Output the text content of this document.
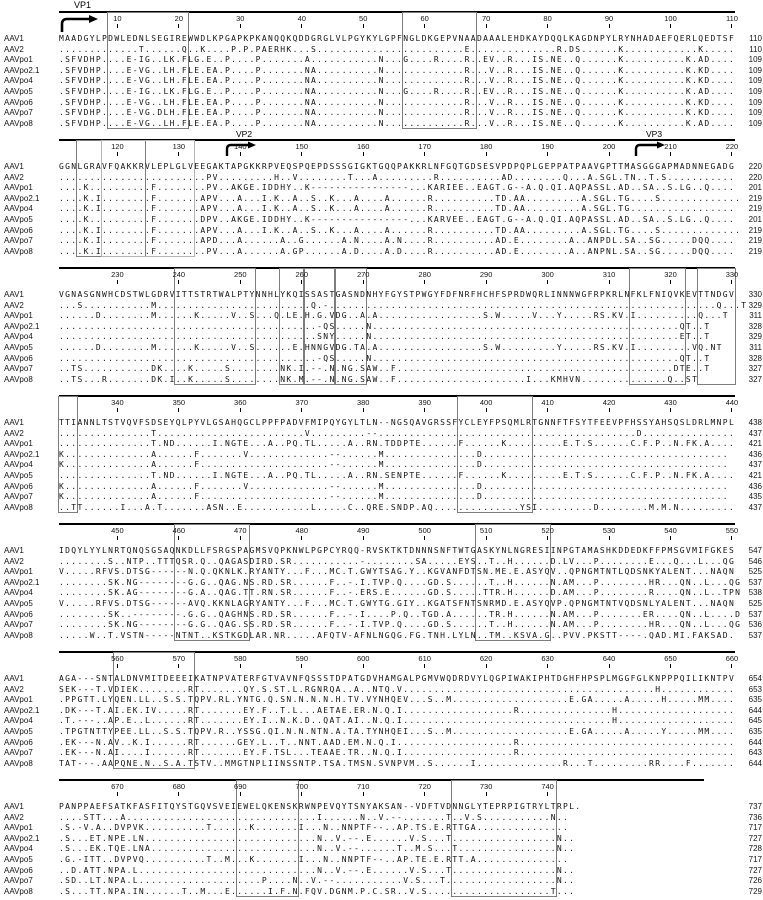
VP1
VP2	VP3
10	20	30	40	50	60	70	80	90	100	110
AAV1	MAADGYLPDWLEDNLSEGIREWWDLKPGAPKPKANQQKQDDGRGLVLPGYKYLGPFNGLDKGEPVNAADAAALEHDKAYDQQLKAGDNPYLRYNHADAEFQERLQEDTSF	110
AAV2	.............T......Q..K....P.P.PAERHK...S........................E..............R.DS......K............K.....	110
AAVpo1	.SFVDHP....E-IG..LK.FLG.E..P....P.......A...........N...G....R....R..EV..R...IS.NE..Q......K..........K.AD....	109
AAVpo2.1 .SFVDHP....E-VG..LH.FLE.EA.P....P.......NA..........N.............R...V..R...IS.NE..Q......K..........K.KD....	109
AAVpo4	.SFVDHP....E-VG..LH.FLE.EA.P....P.......NA..........N.............R...V..R...IS.NE..Q......K..........K.KD....	109
AAVpo5	.SFVDHP....E-IG..LK.FLG.E..P....P.......NA..........N...G....R....R..EV..R...IS.NE..Q......K..........K.AD....	109
AAVpo6	.SFVDHP....E-VG..LH.FLE.EA.P....P.......NA..........N.............R...V..R...IS.NE..Q......K..........K.KD....	109
AAVpo7	.SFVDHP....E-VG.DLH.FLE.EA.P....P.......NA..........N.............R...V..R...IS.NE..Q......K..........K.KD....	109
AAVpo8	.SFVDHP....E-VG..LH.FLE.EA.P....P.......NA..........N.............R...V..R...IS.NE..Q......K..........K.AD....	109
120	130	140	150	160	170	180	190	200	210	220
AAV1	GGNLGRAVFQAKKRVLEPLGLVEEGAKTAPGKKRPVEQSPQEPDSSSGIGKTGQQPAKKRLNFGQTGDSESVPDPQPLGEPPATPAAVGPTTMASGGGAPMADNNEGADG	220
AAV2	........................PV.........H..V........T...A.........R..........AD........Q...A.SGL.TN..T.S...........	220
AAVpo1	....K..........F........PV..AKGE.IDDHY..K----------------...KARIEE..EAGT.G--A.Q.QI.AQPASSL.AD..SA..S.LG..Q....	201
AAVpo2.1 ....K.I........F.......APV...A...I.K..A..S..K...A....A......R..........TD.AA.........A.SGL.TG....S............. 219
AAVpo4	....K.I........F.......APV...A...I.K..A..S..K...A....A......R..........TD.AA.........A.SGL.TG.................	219
AAVpo5	....K..........F.......DPV..AKGE.IDDHY..K----------------...KARVEE..EAGT.G--A.Q.QI.AQPASSL.AD..SA..S.LG..Q....	201
AAVpo6	....K.I........F.......APV...A...I.K..A..S..K...A....A......R..........TD.AA.........A.SGL.TG....S............. 219
AAVpo7	....K.I........F.......APD...A......A..G......A.N....A.N....R..........AD.E........A..ANPDL.SA..SG.....DQQ....	219
AAVpo8	....K.I........F........PV...A......A.GP......A.D....A.D....R..........AD.E........A..ANPNL.SA..SG.....DQQ....	219
230	240	250	260	270	280	290	300	310	320	330
AAV1	VGNASGNWHCDSTWLGDRVITTSTRTWALPTYNNHLYKQISSASTGASNDNHYFGYSTPWGYFDFNRFHCHFSPRDWQRLINNNWGFRPKRLNFKLFNIQVKEVTTNDGV	330
AAV2	...S...........M.........................Q.-...............................................................Q...T 329
AAVpo1	......D........M......K.....V..S...Q.LE.H.G.VDG..A.A.................S.W.....V...Y.....RS.KV.I..........Q...T	311
AAVpo2.1 ..........................................-QS.....N..................................................QT..T	328
AAVpo4	..........................................SNY.....N..................................................ET..T	329
AAVpo5	......D........M......K.....V..S......E.HNNGVDG.TA.A.................S.W.........Y.....RS.KV.I.........VQ.NT	311
AAVpo6	..........................................-QS.....N..................................................QT..T	328
AAVpo7	..TS...........DK....K.....S........NK.I.--.N.NG.SAW..F.............................................DTE..T	327
AAVpo8	..TS...R.......DK.I..K.....S........NK.M.--.N.NG.SAW..F.....................I...KMHVN..............Q..ST	327
340	350	360	370	380	390	400	410	420	430	440
AAV1	TTIANNLTSTVQVFSDSEYQLPYVLGSAHQGCLPPFPADVFMIPQYGYLTLN--NGSQAVGRSSFYCLEYFPSQMLRTGNNFTFSYTFEEVPFHSSYAHSQSLDRLMNPL	438
AAV2	...............T........................V.........--..........................................D...............	437
AAVpo1	...............T.ND......I.NGTE...A..PQ.TL.....A..RN.TDDPTE......F......K.........E.T.S......C.F.P..N.FK.A....	421
AAVpo2.1 K..............A......F.......V.............--......M...............D........................................	436
AAVpo4	K..............A......F.....................--......M...............D........................................	437
AAVpo5	...............T.ND......I.NGTE...A..PQ.TL.....A..RN.SENPTE......F......K.........E.T.S......C.F.P..N.FK.A....	421
AAVpo6	K..............A......F.......V.............--......M...............D........................................	436
AAVpo7	K..............A......F.....................--......M...............D........................................	435
AAVpo8	..TT......I...A.T.......ASN..E...........L.....C..QRE.SNDP.AQ..............YSI.........D........M.M.N.........	437
450	460	470	480	490	500	510	520	530	540	550
AAV1	IDQYLYYLNRTQNQSGSAQNKDLLFSRGSPAGMSVQPKNWLPGPCYRQQ-RVSKTKTDNNNSNFTWTGASKYNLNGRESIINPGTAMASHKDDEDKFFPMSGVMIFGKES	547
AAV2	........S..NTP..TTTQSR.Q..QAGASDIRD.SR...........-........SA.....EYS..T..H......D.LV...P........E...Q...L...QG	546
AAVpo1	V.....RFVS.DTSG------N.Q.QKNLK.RYANTY...F...MC.T.GWYTSAG.Y..KGVANFDTSN.ME.E.ASYQV..QPNGMTNTLQDSNKYALENT...NAQN	525
AAVpo2.1 ........SK.NG--------G.G..QAG.NS.RD.SR......F..-.I.TVP.Q....GD.S......T..H......N.AM...P........HR...QN..L...QG 537
AAVpo4	........SK.AG--------G.A..QAG.TT.RN.SR......F..-.ERS.E......GD.S.....TTR.H......D.AM...P........R....QN..L..TPN 538
AAVpo5	V.....RFVS.DTSG------AVQ.KKNLAGRYANTY...F...MC.T.GWYTG.GIY..KGATSFNTSNRMD.E.ASYQVP.QPNGMTNTVQDSNLYALENT...NAQN	525
AAVpo6	........SK..--------.G.G..QAGHNS.RD.SR......F..-.I....P.Q..TGD.A......TR.H......N.AM...P.......ER....QN..L....D 537
AAVpo7	........SK.NG--------G.G..QAG.SS.RD.SR......F..-.I.TVP.Q....GD.S......T..H......N.AM...P........HR...QN..L...QG 536
AAVpo8	.....W..T.VSTN-----NTNT..KSTKGDLAR.NR.....AFQTV-AFNLNGQG.FG.TNH.LYLN..TM..KSVA.G..PVV.PKSTT----.QAD.MI.FAKSAD.	537
560	570	580	590	600	610	620	630	640	650	660
AAV1	AGA---SNTALDNVMITDEEEIKATNPVATERFGTVAVNFQSSSTDPATGDVHAMGALPGMVWQDRDVYLQGPIWAKIPHTDGHFHPSPLMGGFGLKNPPPQILIKNTPV	654
AAV2	SEK---T.VDIEK........RT.......QY.S.ST.L.RGNRQA..A..NTQ.V.........................................H............	653
AAVpo1	.PPGTT.LYQEN.LL..S.S.TQPV.RL.YNTG.Q.SN.N.N.N.H.TV.VYNHQEV...S..M...................E.GA.....A.....H.....MM....	635
AAVpo2.1 .DK---T.AI.EK.IV.....RT.......EY.F..T.L...AETAE.ER.N.Q.I..................R...............H...................	644
AAVpo4	.T.---..AP.E..L......RT.......EY.I..N.K.D..QAT.AI..N.Q.I..................................H...................	645
AAVpo5	.TPGTNTTYPEE.LL..S.S.TQPV.R..YSSG.QI.N.N.NTN.A.TA.TYNHQEI...S..M...................E.GA.....A.....Y.....MM....	635
AAVpo6	.EK---N.AV..K.I......RT......GEY.L..T..NNT.AAD.EM.N.Q.I...................R...................................	644
AAVpo7	.EK---N.AI....I......RT.......EY.F.TSL...TEAAE.TR..N.Q.I..................R...................................	643
AAVpo8	TAT---.AAPQNE.N..S.A.TSTV..MMGTNPLIINSSNTP.TSA.TMSN.SVNPVM..S......I..............R...T.........RR....F.......	644
670	680	690	700	710	720	730	740
AAV1	PANPPAEFSATKFASFITQYSTGQVSVEIEWELQKENSKRWNPEVQYTSNYAKSAN--VDFTVDNNGLYTEPRPIGTRYLTRPL.	737
AAV2	....STT...A...............................I......N..V.--.......T..V.S...........N..	736
AAVpo1	.S.-V.A..DVPVK..........T......K.......I...N..NNPTF--..AP.TS.E.RTTGA...............	717
AAVpo2.1 .S...ET.NPE.LN............................N..V.--.E......V.S...T.................N..	727
AAVpo4	.S...EK.TQE.LNA...........................N..V.--......T..M.S...T................N..	728
AAVpo5	.G.-ITT..DVPVQ..........T..M...K.......I...N..NNPTF--..AP.TE.E.RTT.A...............	717
AAVpo6	..D.ATT.NPA.L.............................N..V.--.E......V.S...T.................N..	727
AAVpo7	.SD..LT.NPA.L....................P....N..V.--...........V.S...T..................N..	726
AAVpo8	.S...TT.NPA.IN......T..M...E......I.F.N.FQV.DGNM.P.C.SR..V.S....................T...	729
